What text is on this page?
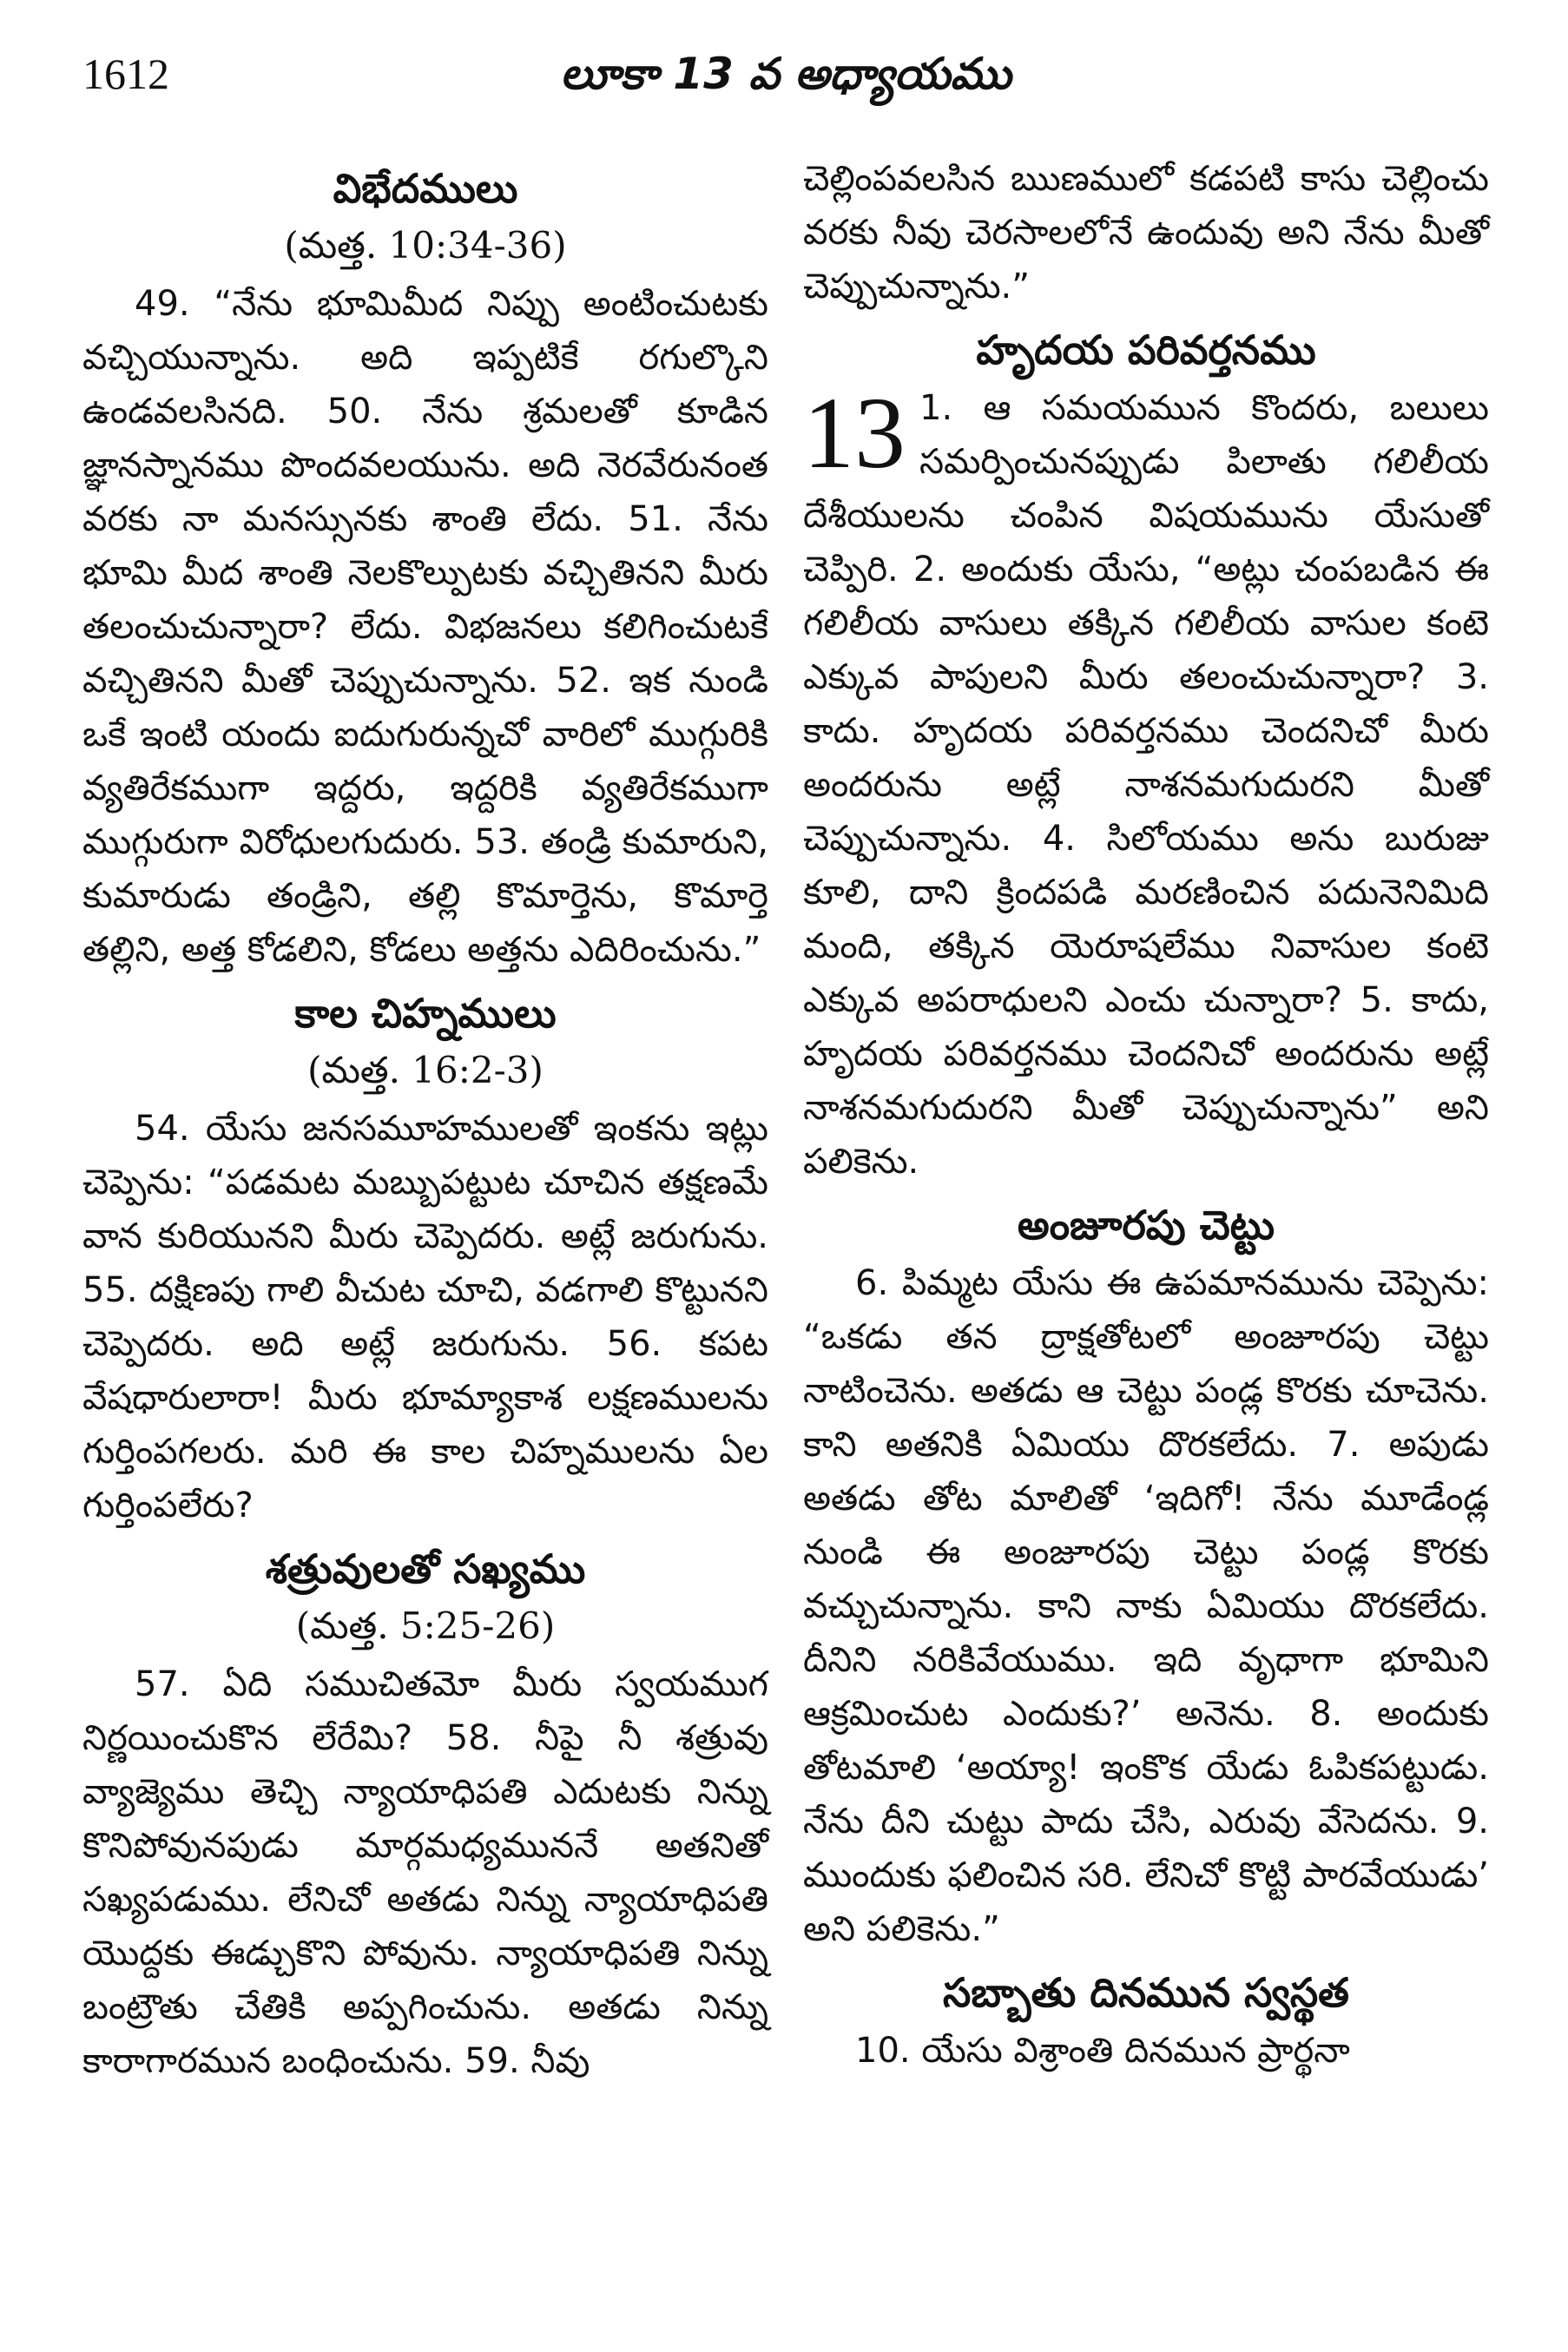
1612	లూకా 13 వ అధ్యాయము
విభేదములు
(మత్త. 10:34-36)

49. “నేను భూమిమీద నిప్పు అంటించుటకు వచ్చియున్నాను. అది ఇప్పటికే రగుల్కొని ఉండవలసినది. 50. నేను శ్రమలతో కూడిన జ్ఞానస్నానము పొందవలయును. అది నెరవేరునంత వరకు నా మనస్సునకు శాంతి లేదు. 51. నేను భూమి మీద శాంతి నెలకొల్పుటకు వచ్చితినని మీరు తలంచుచున్నారా? లేదు. విభజనలు కలిగించుటకే వచ్చితినని మీతో చెప్పుచున్నాను. 52. ఇక నుండి ఒకే ఇంటి యందు ఐదుగురున్నచో వారిలో ముగ్గురికి వ్యతిరేకముగా ఇద్దరు, ఇద్దరికి వ్యతిరేకముగా ముగ్గురుగా విరోధులగుదురు. 53. తండ్రి కుమారుని, కుమారుడు తండ్రిని, తల్లి కొమార్తెను, కొమార్తె తల్లిని, అత్త కోడలిని, కోడలు అత్తను ఎదిరించును.”

కాల చిహ్నములు
(మత్త. 16:2-3)

54. యేసు జనసమూహములతో ఇంకను ఇట్లు చెప్పెను: “పడమట మబ్బుపట్టుట చూచిన తక్షణమే వాన కురియునని మీరు చెప్పెదరు. అట్లే జరుగును. 55. దక్షిణపు గాలి వీచుట చూచి, వడగాలి కొట్టునని చెప్పెదరు. అది అట్లే జరుగును. 56. కపట వేషధారులారా! మీరు భూమ్యాకాశ లక్షణములను గుర్తింపగలరు. మరి ఈ కాల చిహ్నములను ఏల గుర్తింపలేరు?

శత్రువులతో సఖ్యము
(మత్త. 5:25-26)

57. ఏది సముచితమో మీరు స్వయముగ నిర్ణయించుకొన లేరేమి? 58. నీపై నీ శత్రువు వ్యాజ్యెము తెచ్చి న్యాయాధిపతి ఎదుటకు నిన్ను కొనిపోవునపుడు మార్గమధ్యముననే అతనితో సఖ్యపడుము. లేనిచో అతడు నిన్ను న్యాయాధిపతి యొద్దకు ఈడ్చుకొని పోవును. న్యాయాధిపతి నిన్ను బంట్రౌతు చేతికి అప్పగించును. అతడు నిన్ను కారాగారమున బంధించును. 59. నీవు

చెల్లింపవలసిన ఋణములో కడపటి కాసు చెల్లించు వరకు నీవు చెరసాలలోనే ఉందువు అని నేను మీతో చెప్పుచున్నాను.”

హృదయ పరివర్తనము
13 1. ఆ సమయమున కొందరు, బలులు సమర్పించునప్పుడు పిలాతు గలిలీయ దేశీయులను చంపిన విషయమును యేసుతో చెప్పిరి. 2. అందుకు యేసు, “అట్లు చంపబడిన ఈ గలిలీయ వాసులు తక్కిన గలిలీయ వాసుల కంటె ఎక్కువ పాపులని మీరు తలంచుచున్నారా? 3. కాదు. హృదయ పరివర్తనము చెందనిచో మీరు అందరును అట్లే నాశనమగుదురని మీతో చెప్పుచున్నాను. 4. సిలోయము అను బురుజు కూలి, దాని క్రిందపడి మరణించిన పదునెనిమిది మంది, తక్కిన యెరూషలేము నివాసుల కంటె ఎక్కువ అపరాధులని ఎంచు చున్నారా? 5. కాదు, హృదయ పరివర్తనము చెందనిచో అందరును అట్లే నాశనమగుదురని మీతో చెప్పుచున్నాను” అని పలికెను.

అంజూరపు చెట్టు

6. పిమ్మట యేసు ఈ ఉపమానమును చెప్పెను: “ఒకడు తన ద్రాక్షతోటలో అంజూరపు చెట్టు నాటించెను. అతడు ఆ చెట్టు పండ్ల కొరకు చూచెను. కాని అతనికి ఏమియు దొరకలేదు. 7. అపుడు అతడు తోట మాలితో ‘ఇదిగో! నేను మూడేండ్ల నుండి ఈ అంజూరపు చెట్టు పండ్ల కొరకు వచ్చుచున్నాను. కాని నాకు ఏమియు దొరకలేదు. దీనిని నరికివేయుము. ఇది వృధాగా భూమిని ఆక్రమించుట ఎందుకు?’ అనెను. 8. అందుకు తోటమాలి ‘అయ్యా! ఇంకొక యేడు ఓపికపట్టుడు. నేను దీని చుట్టు పాదు చేసి, ఎరువు వేసెదను. 9. ముందుకు ఫలించిన సరి. లేనిచో కొట్టి పారవేయుడు’ అని పలికెను.”

సబ్బాతు దినమున స్వస్థత

10. యేసు విశ్రాంతి దినమున ప్రార్థనా
